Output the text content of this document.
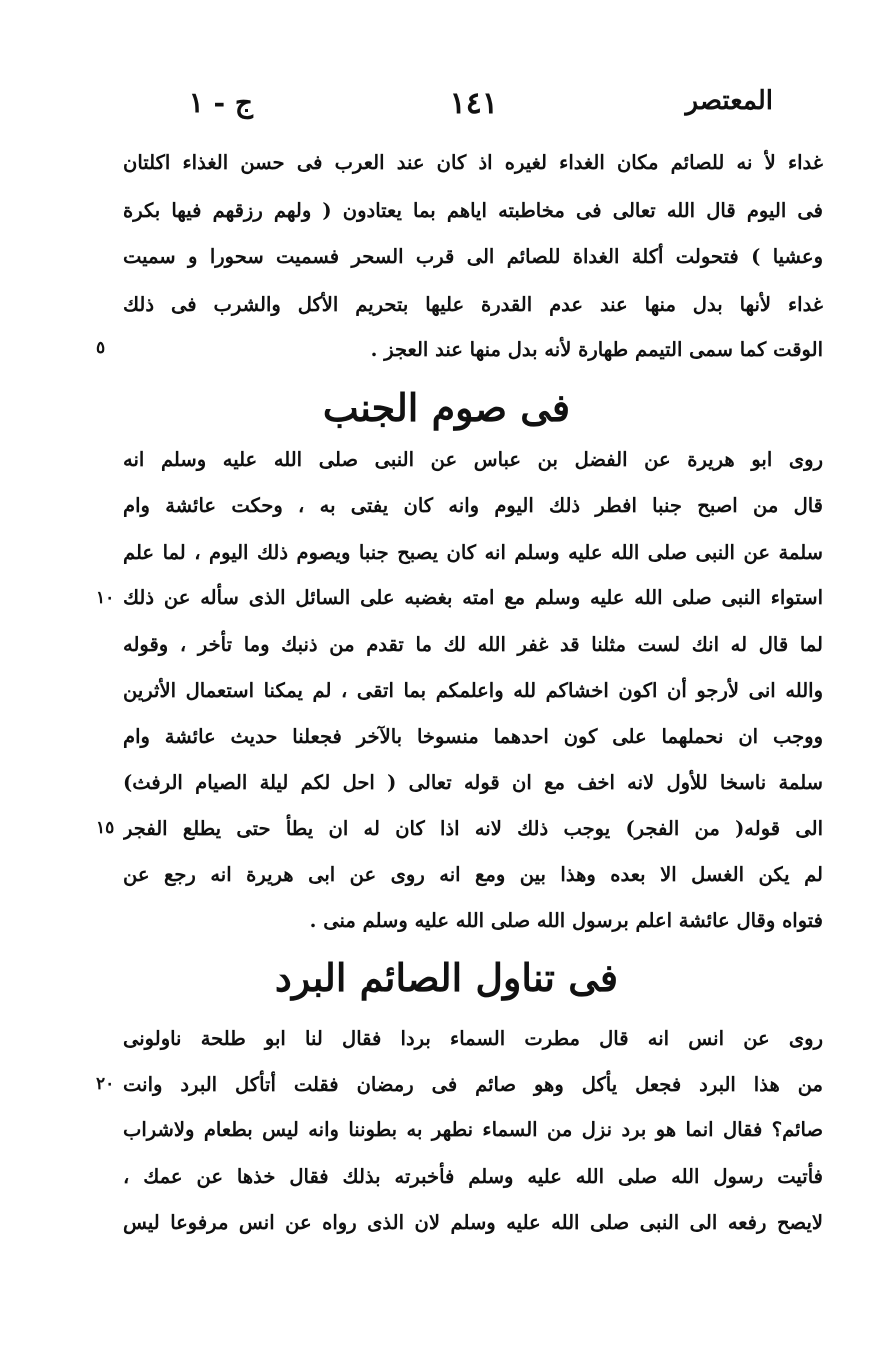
المعتصر
١٤١
ج - ١
غداء لأ نه للصائم مكان الغداء لغيره اذ كان عند العرب فى حسن الغذاء اكلتان
فى اليوم قال الله تعالى فى مخاطبته اياهم بما يعتادون ( ولهم رزقهم فيها بكرة
وعشيا ) فتحولت أكلة الغداة للصائم الى قرب السحر فسميت سحورا و سميت
غداء لأنها بدل منها عند عدم القدرة عليها بتحريم الأكل والشرب فى ذلك
الوقت كما سمى التيمم طهارة لأنه بدل منها عند العجز .
٥
فى صوم الجنب
روى ابو هريرة عن الفضل بن عباس عن النبى صلى الله عليه وسلم انه
قال من اصبح جنبا افطر ذلك اليوم وانه كان يفتى به ، وحكت عائشة وام
سلمة عن النبى صلى الله عليه وسلم انه كان يصبح جنبا ويصوم ذلك اليوم ، لما علم
استواء النبى صلى الله عليه وسلم مع امته بغضبه على السائل الذى سأله عن ذلك
١٠
لما قال له انك لست مثلنا قد غفر الله لك ما تقدم من ذنبك وما تأخر ، وقوله
والله انى لأرجو أن اكون اخشاكم لله واعلمكم بما اتقى ، لم يمكنا استعمال الأثرين
ووجب ان نحملهما على كون احدهما منسوخا بالآخر فجعلنا حديث عائشة وام
سلمة ناسخا للأول لانه اخف مع ان قوله تعالى ( احل لكم ليلة الصيام الرفث)
الى قوله( من الفجر) يوجب ذلك لانه اذا كان له ان يطأ حتى يطلع الفجر
١٥
لم يكن الغسل الا بعده وهذا بين ومع انه روى عن ابى هريرة انه رجع عن
فتواه وقال عائشة اعلم برسول الله صلى الله عليه وسلم منى .
فى تناول الصائم البرد
روى عن انس انه قال مطرت السماء بردا فقال لنا ابو طلحة ناولونى
من هذا البرد فجعل يأكل وهو صائم فى رمضان فقلت أتأكل البرد وانت
٢٠
صائم؟ فقال انما هو برد نزل من السماء نطهر به بطوننا وانه ليس بطعام ولاشراب
فأتيت رسول الله صلى الله عليه وسلم فأخبرته بذلك فقال خذها عن عمك ،
لايصح رفعه الى النبى صلى الله عليه وسلم لان الذى رواه عن انس مرفوعا ليس
